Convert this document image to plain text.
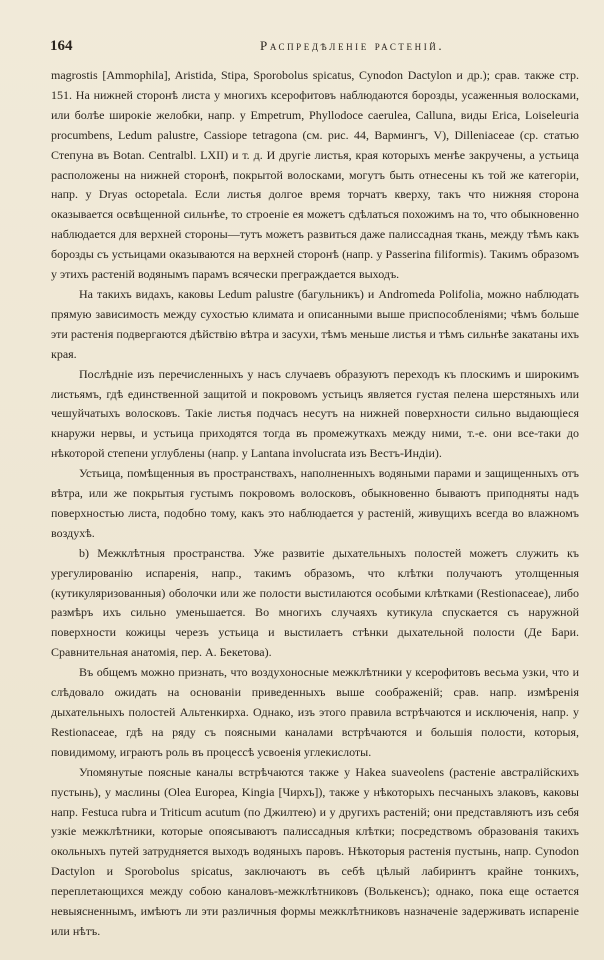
164	Распредѣленіе растеній.

magrostis [Ammophila], Aristida, Stipa, Sporobolus spicatus, Cynodon Dactylon и др.); срав. также стр. 151. На нижней сторонѣ листа у многихъ ксерофитовъ наблюдаются борозды, усаженныя волосками, или болѣе широкіе желобки, напр. у Empetrum, Phyllodoce caerulea, Calluna, виды Erica, Loiseleuria procumbens, Ledum palustre, Cassiope tetragona (см. рис. 44, Вармингъ, V), Dilleniaceae (ср. статью Степуна въ Botan. Centralbl. LXII) и т. д. И другіе листья, края которыхъ менѣе закручены, а устьица расположены на нижней сторонѣ, покрытой волосками, могутъ быть отнесены къ той же категоріи, напр. у Dryas octopetala. Если листья долгое время торчатъ кверху, такъ что нижняя сторона оказывается освѣщенной сильнѣе, то строеніе ея можетъ сдѣлаться похожимъ на то, что обыкновенно наблюдается для верхней стороны—тутъ можетъ развиться даже палиссадная ткань, между тѣмъ какъ борозды съ устьицами оказываются на верхней сторонѣ (напр. у Passerina filiformis). Такимъ образомъ у этихъ растеній водянымъ парамъ всячески преграждается выходъ.

На такихъ видахъ, каковы Ledum palustre (багульникъ) и Andromeda Polifolia, можно наблюдать прямую зависимость между сухостью климата и описанными выше приспособленіями; чѣмъ больше эти растенія подвергаются дѣйствію вѣтра и засухи, тѣмъ меньше листья и тѣмъ сильнѣе закатаны ихъ края.

Послѣдніе изъ перечисленныхъ у насъ случаевъ образуютъ переходъ къ плоскимъ и широкимъ листьямъ, гдѣ единственной защитой и покровомъ устьицъ является густая пелена шерстяныхъ или чешуйчатыхъ волосковъ. Такіе листья подчасъ несутъ на нижней поверхности сильно выдающіеся кнаружи нервы, и устьица приходятся тогда въ промежуткахъ между ними, т.-е. они все-таки до нѣкоторой степени углублены (напр. у Lantana involucrata изъ Вестъ-Индіи).

Устьица, помѣщенныя въ пространствахъ, наполненныхъ водяными парами и защищенныхъ отъ вѣтра, или же покрытыя густымъ покровомъ волосковъ, обыкновенно бываютъ приподняты надъ поверхностью листа, подобно тому, какъ это наблюдается у растеній, живущихъ всегда во влажномъ воздухѣ.

b) Межклѣтныя пространства. Уже развитіе дыхательныхъ полостей можетъ служить къ урегулированію испаренія, напр., такимъ образомъ, что клѣтки получаютъ утолщенныя (кутикуляризованныя) оболочки или же полости выстилаются особыми клѣтками (Restionaceae), либо размѣръ ихъ сильно уменьшается. Во многихъ случаяхъ кутикула спускается съ наружной поверхности кожицы черезъ устьица и выстилаетъ стѣнки дыхательной полости (Де Бари. Сравнительная анатомія, пер. А. Бекетова).

Въ общемъ можно признать, что воздухоносные межклѣтники у ксерофитовъ весьма узки, что и слѣдовало ожидать на основаніи приведенныхъ выше соображеній; срав. напр. измѣренія дыхательныхъ полостей Альтенкирха. Однако, изъ этого правила встрѣчаются и исключенія, напр. у Restionaceae, гдѣ на ряду съ поясными каналами встрѣчаются и большія полости, которыя, повидимому, играютъ роль въ процессѣ усвоенія углекислоты.

Упомянутые поясные каналы встрѣчаются также у Hakea suaveolens (растеніе австралійскихъ пустынь), у маслины (Olea Europea, Kingia [Чирхъ]), также у нѣкоторыхъ песчаныхъ злаковъ, каковы напр. Festuca rubra и Triticum acutum (по Джилтею) и у другихъ растеній; они представляютъ изъ себя узкіе межклѣтники, которые опоясываютъ палиссадныя клѣтки; посредствомъ образованія такихъ окольныхъ путей затрудняется выходъ водяныхъ паровъ. Нѣкоторыя растенія пустынь, напр. Cynodon Dactylon и Sporobolus spicatus, заключаютъ въ себѣ цѣлый лабиринтъ крайне тонкихъ, переплетающихся между собою каналовъ-межклѣтниковъ (Волькенсъ); однако, пока еще остается невыясненнымъ, имѣютъ ли эти различныя формы межклѣтниковъ назначеніе задерживать испареніе или нѣтъ.
